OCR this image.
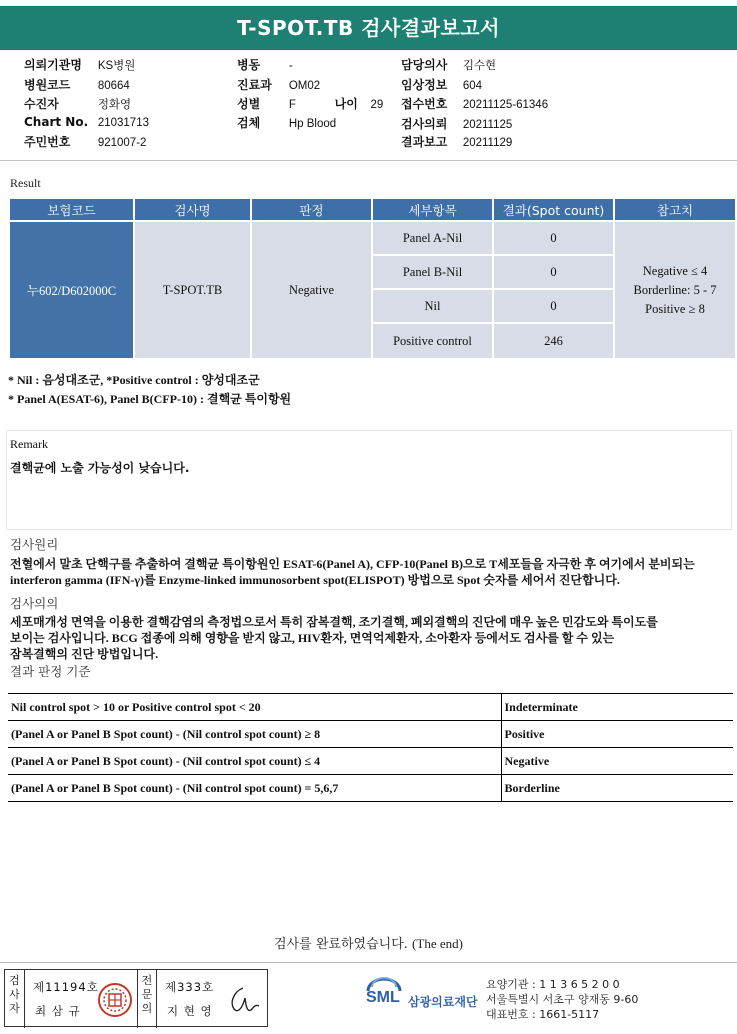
T-SPOT.TB 검사결과보고서
의뢰기관명 KS병원
병원코드 80664
수진자	정화영
Chart No. 21031713
주민번호 921007-2
병동 -
진료과 OM02
성별 F	나이 29
검체 Hp Blood
담당의사 김수현
임상정보 604
접수번호 20211125-61346
검사의뢰 20211125
결과보고 20211129
Result
보험코드	검사명	판정	세부항목	결과(Spot count)	참고치
누602/D602000C	T-SPOT.TB	Negative	Panel A-Nil	0	Negative ≤ 4
Borderline: 5 - 7
Positive ≥ 8

			Panel B-Nil	0	
			Nil	0	
			Positive control	246	
* Nil : 음성대조군, *Positive control : 양성대조군
* Panel A(ESAT-6), Panel B(CFP-10) : 결핵균 특이항원
Remark
결핵균에 노출 가능성이 낮습니다.
검사원리
전혈에서 말초 단핵구를 추출하여 결핵균 특이항원인 ESAT-6(Panel A), CFP-10(Panel B)으로 T세포들을 자극한 후 여기에서 분비되는
interferon gamma (IFN-γ)를 Enzyme-linked immunosorbent spot(ELISPOT) 방법으로 Spot 숫자를 세어서 진단합니다.
검사의의
세포매개성 면역을 이용한 결핵감염의 측정법으로서 특히 잠복결핵, 조기결핵, 폐외결핵의 진단에 매우 높은 민감도와 특이도를
보이는 검사입니다. BCG 접종에 의해 영향을 받지 않고, HIV환자, 면역억제환자, 소아환자 등에서도 검사를 할 수 있는
잠복결핵의 진단 방법입니다.
결과 판정 기준
Nil control spot > 10 or Positive control spot < 20	Indeterminate
(Panel A or Panel B Spot count) - (Nil control spot count) ≥ 8	Positive
(Panel A or Panel B Spot count) - (Nil control spot count) ≤ 4	Negative
(Panel A or Panel B Spot count) - (Nil control spot count) = 5,6,7	Borderline
검사를 완료하였습니다. (The end)
검사자
제11194호
최 삼 규
전문의
제333호
지 현 영
SML 삼광의료재단
요양기관 : 1 1 3 6 5 2 0 0
서울특별시 서초구 양재동 9-60
대표번호 : 1661-5117
